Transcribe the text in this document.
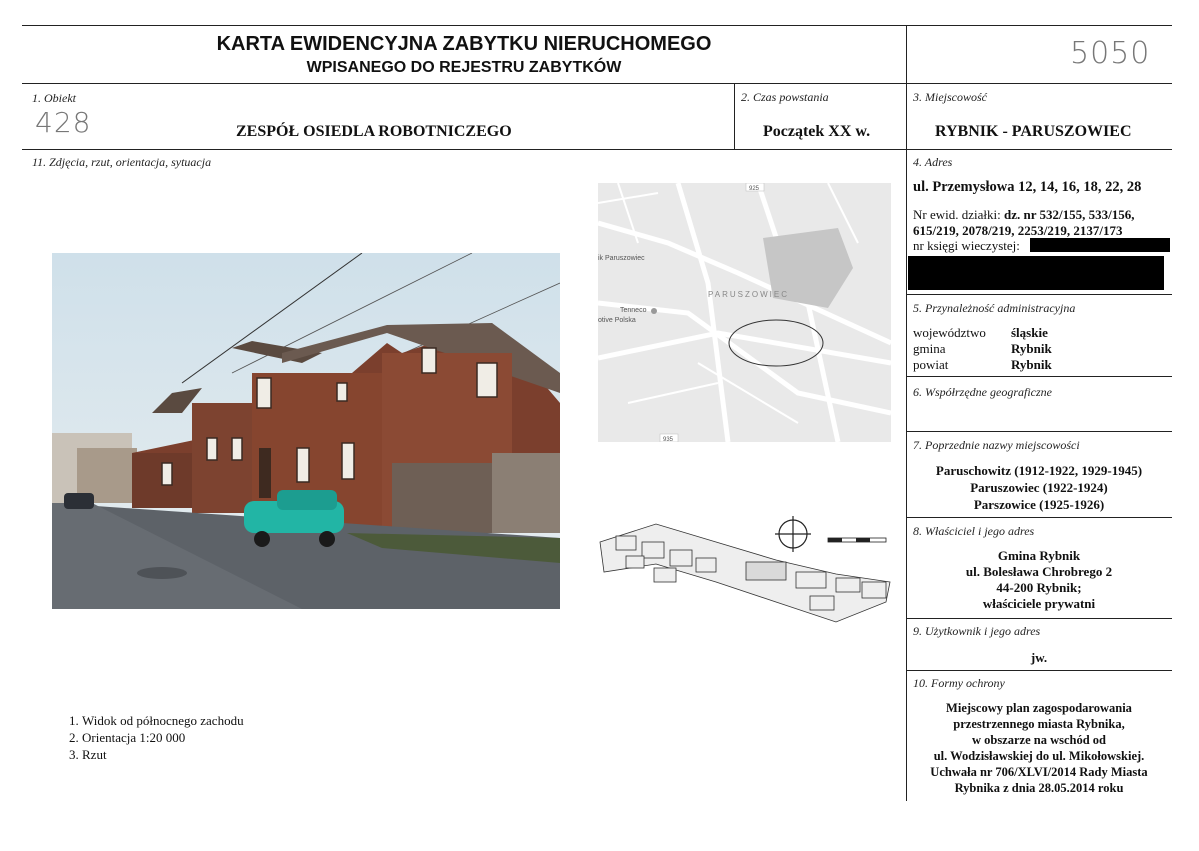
KARTA EWIDENCYJNA ZABYTKU NIERUCHOMEGO
WPISANEGO DO REJESTRU ZABYTKÓW	5050
1. Obiekt
428	ZESPÓŁ OSIEDLA ROBOTNICZEGO
2. Czas powstania
Początek XX w.
3. Miejscowość
RYBNIK - PARUSZOWIEC
11. Zdjęcia, rzut, orientacja, sytuacja	4. Adres
ul. Przemysłowa 12, 14, 16, 18, 22, 28
Nr ewid. działki: dz. nr 532/155, 533/156,
615/219, 2078/219, 2253/219, 2137/173
nr księgi wieczystej:
5. Przynależność administracyjna
województwo śląskie
gmina	Rybnik
powiat	Rybnik
6. Współrzędne geograficzne
7. Poprzednie nazwy miejscowości
Paruschowitz (1912-1922, 1929-1945)
Paruszowiec (1922-1924)
Parszowice (1925-1926)
8. Właściciel i jego adres
Gmina Rybnik
ul. Bolesława Chrobrego 2
44-200 Rybnik;
właściciele prywatni
9. Użytkownik i jego adres
jw.
10. Formy ochrony
Miejscowy plan zagospodarowania
przestrzennego miasta Rybnika,
w obszarze na wschód od
ul. Wodzisławskiej do ul. Mikołowskiej.
Uchwała nr 706/XLVI/2014 Rady Miasta
Rybnika z dnia 28.05.2014 roku
PARUSZOWIEC
ik Paruszowiec
Tenneco
otive Polska
925
935
1. Widok od północnego zachodu
2. Orientacja 1:20 000
3. Rzut
